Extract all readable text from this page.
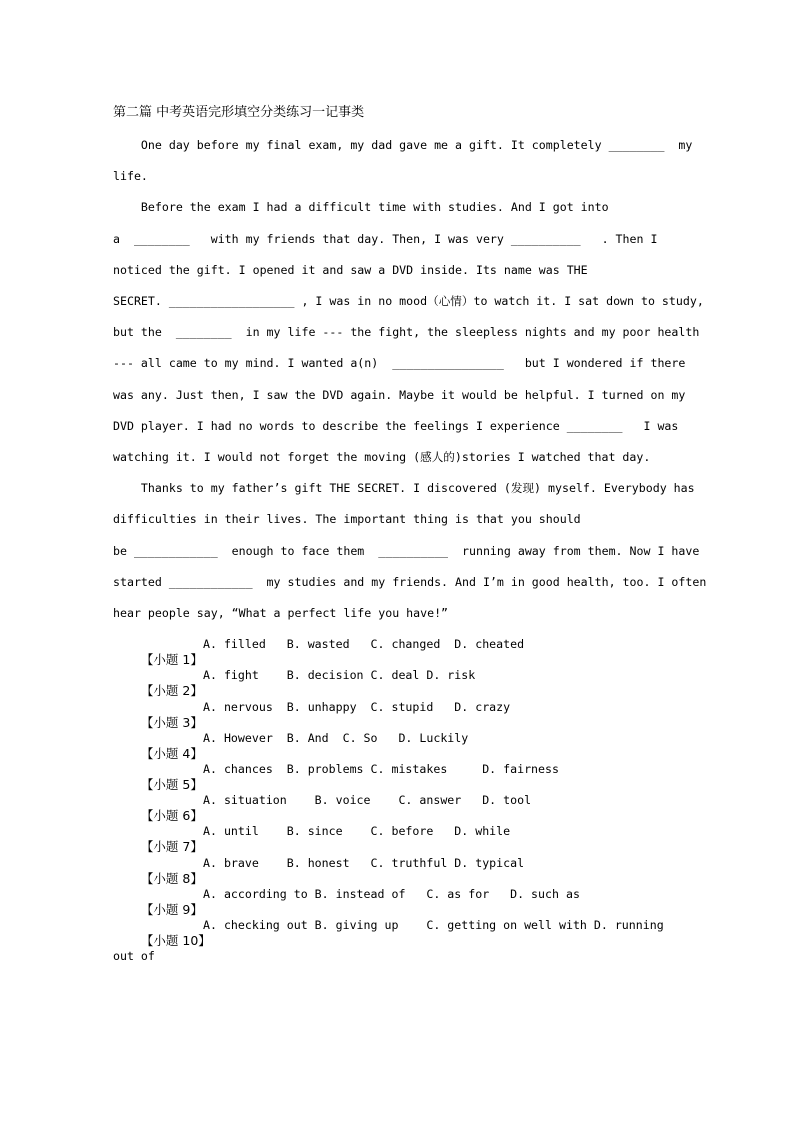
第二篇 中考英语完形填空分类练习一记事类
One day before my final exam, my dad gave me a gift. It completely ________  my
life.
Before the exam I had a difficult time with studies. And I got into
a  ________   with my friends that day. Then, I was very __________   . Then I
noticed the gift. I opened it and saw a DVD inside. Its name was THE
SECRET. __________________ , I was in no mood（心情）to watch it. I sat down to study,
but the  ________  in my life --- the fight, the sleepless nights and my poor health
--- all came to my mind. I wanted a(n)  ________________   but I wondered if there
was any. Just then, I saw the DVD again. Maybe it would be helpful. I turned on my
DVD player. I had no words to describe the feelings I experience ________   I was
watching it. I would not forget the moving (感人的)stories I watched that day.
Thanks to my father’s gift THE SECRET. I discovered (发现) myself. Everybody has
difficulties in their lives. The important thing is that you should
be ____________  enough to face them  __________  running away from them. Now I have
started ____________  my studies and my friends. And I’m in good health, too. I often
hear people say, “What a perfect life you have!”

【小题 1】

A. filled   B. wasted   C. changed  D. cheated

【小题 2】

A. fight    B. decision C. deal D. risk

【小题 3】

A. nervous  B. unhappy  C. stupid   D. crazy

【小题 4】

A. However  B. And  C. So   D. Luckily

【小题 5】

A. chances  B. problems C. mistakes     D. fairness

【小题 6】

A. situation    B. voice    C. answer   D. tool

【小题 7】

A. until    B. since    C. before   D. while

【小题 8】

A. brave    B. honest   C. truthful D. typical

【小题 9】

A. according to B. instead of   C. as for   D. such as

【小题 10】

A. checking out B. giving up    C. getting on well with D. running

out of
